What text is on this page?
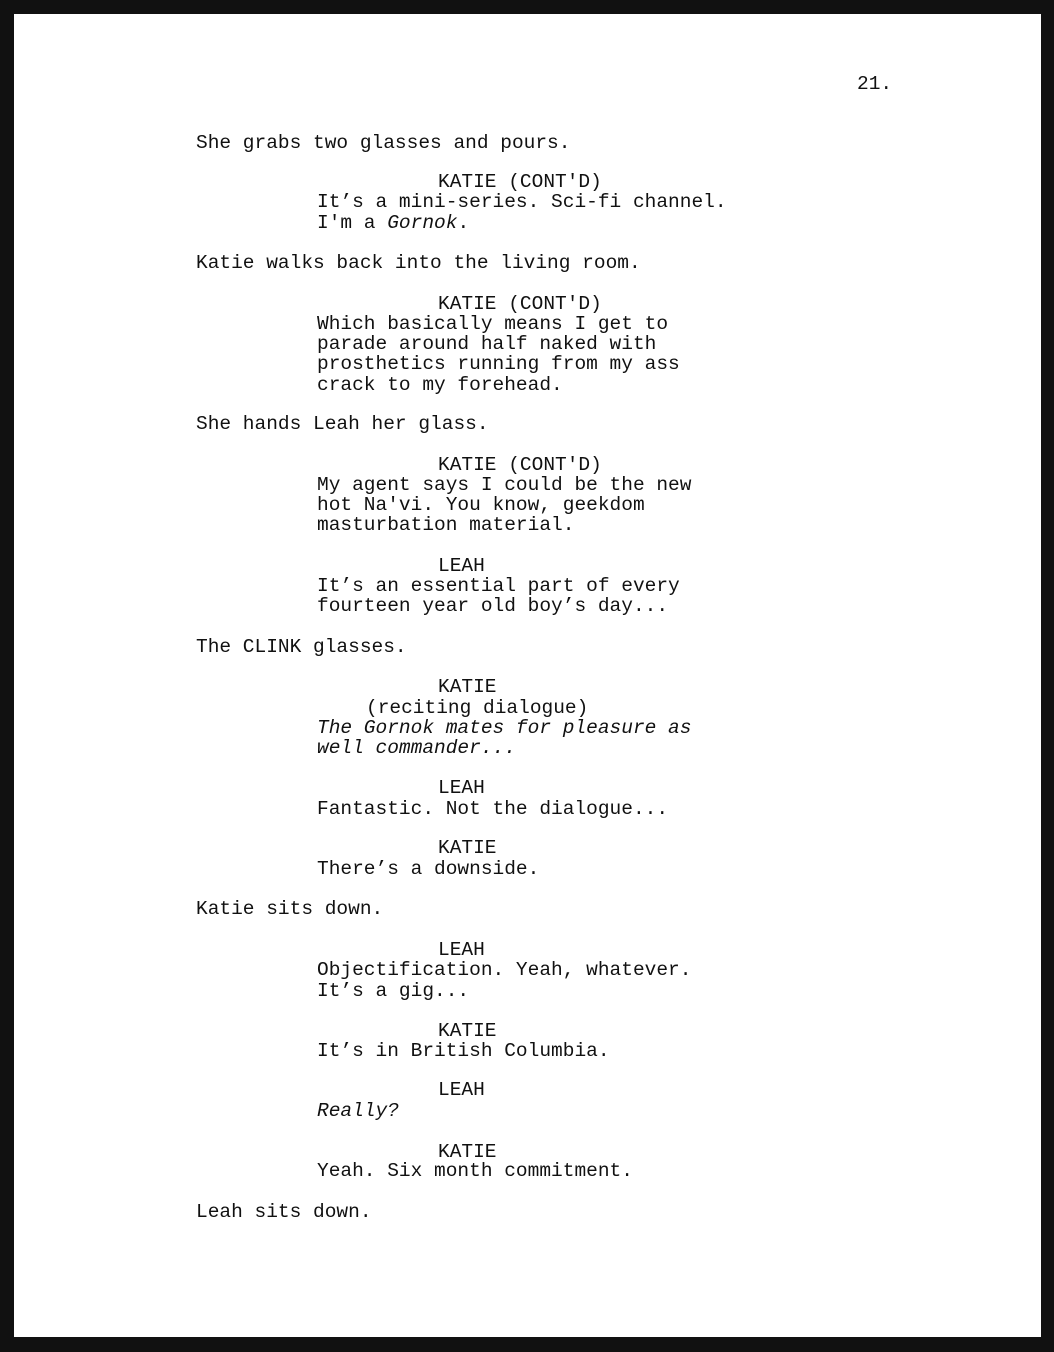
21.
She grabs two glasses and pours.
KATIE (CONT'D)
It’s a mini-series. Sci-fi channel.
I'm a Gornok.
Katie walks back into the living room.
KATIE (CONT'D)
Which basically means I get to
parade around half naked with
prosthetics running from my ass
crack to my forehead.
She hands Leah her glass.
KATIE (CONT'D)
My agent says I could be the new
hot Na'vi. You know, geekdom
masturbation material.
LEAH
It’s an essential part of every
fourteen year old boy’s day...
The CLINK glasses.
KATIE
(reciting dialogue)
The Gornok mates for pleasure as
well commander...
LEAH
Fantastic. Not the dialogue...
KATIE
There’s a downside.
Katie sits down.
LEAH
Objectification. Yeah, whatever.
It’s a gig...
KATIE
It’s in British Columbia.
LEAH
Really?
KATIE
Yeah. Six month commitment.
Leah sits down.
